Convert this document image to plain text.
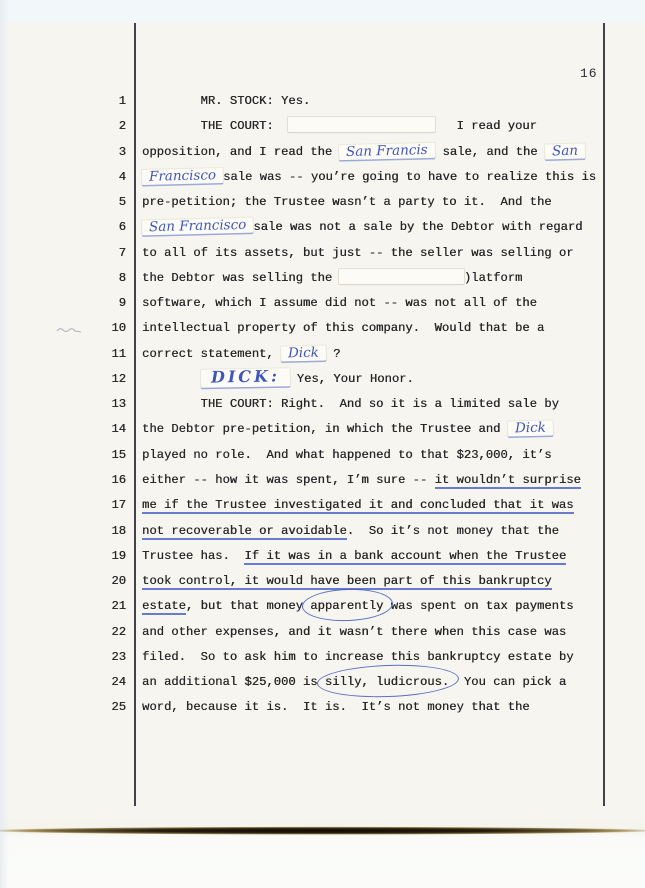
16
1
2
3
4
5
6
7
8
9
10
11
12
13
14
15
16
17
18
19
20
21
22
23
24
25
MR. STOCK: Yes.
THE COURT:	I read your
opposition, and I read the San Francis sale, and the San
Francisco sale was -- you’re going to have to realize this is
pre-petition; the Trustee wasn’t a party to it.  And the
San Francisco sale was not a sale by the Debtor with regard
to all of its assets, but just -- the seller was selling or
the Debtor was selling the	)latform
software, which I assume did not -- was not all of the
intellectual property of this company.  Would that be a
correct statement, Dick ?
DICK: Yes, Your Honor.
THE COURT: Right.  And so it is a limited sale by
the Debtor pre-petition, in which the Trustee and Dick
played no role.  And what happened to that $23,000, it’s
either -- how it was spent, I’m sure -- it wouldn’t surprise
me if the Trustee investigated it and concluded that it was
not recoverable or avoidable.  So it’s not money that the
Trustee has.  If it was in a bank account when the Trustee
took control, it would have been part of this bankruptcy
estate, but that money apparently was spent on tax payments
and other expenses, and it wasn’t there when this case was
filed.  So to ask him to increase this bankruptcy estate by
an additional $25,000 is silly, ludicrous.  You can pick a
word, because it is.  It is.  It’s not money that the
